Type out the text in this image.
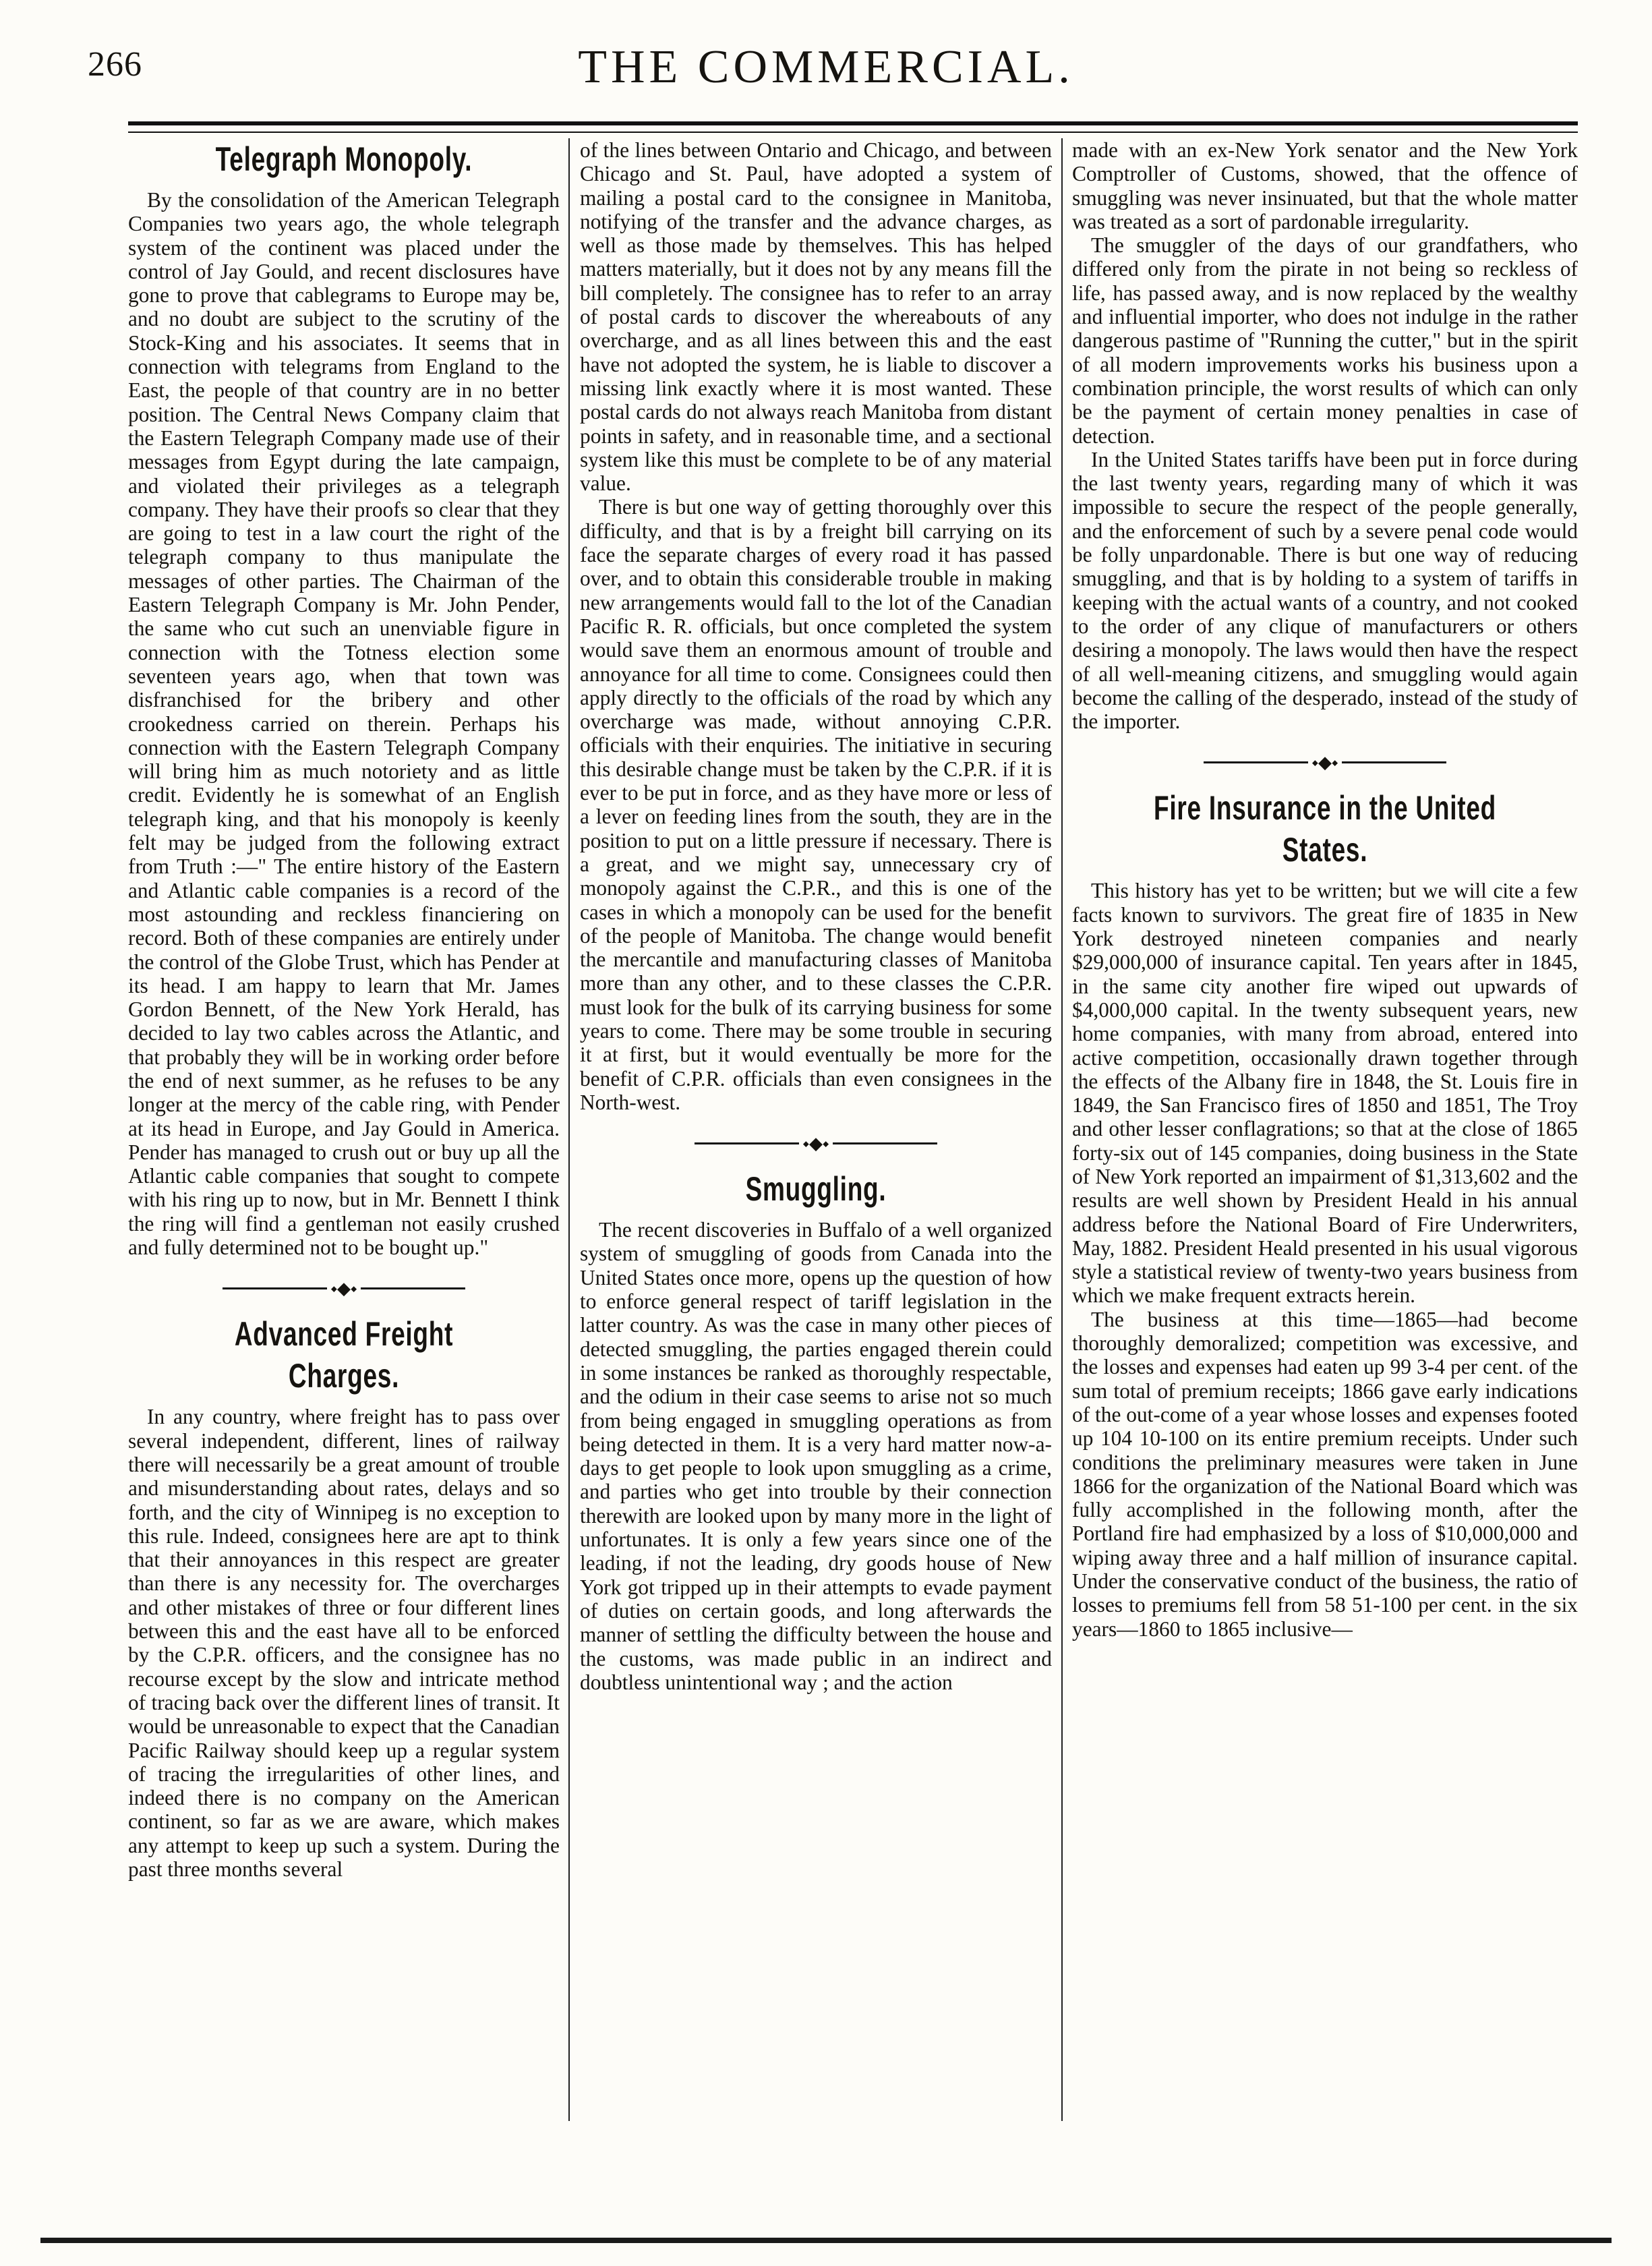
266	THE COMMERCIAL.
Telegraph Monopoly.

By the consolidation of the American Telegraph Companies two years ago, the whole telegraph system of the continent was placed under the control of Jay Gould, and recent disclosures have gone to prove that cablegrams to Europe may be, and no doubt are subject to the scrutiny of the Stock-King and his associates. It seems that in connection with telegrams from England to the East, the people of that country are in no better position. The Central News Company claim that the Eastern Telegraph Company made use of their messages from Egypt during the late campaign, and violated their privileges as a telegraph company. They have their proofs so clear that they are going to test in a law court the right of the telegraph company to thus manipulate the messages of other parties. The Chairman of the Eastern Telegraph Company is Mr. John Pender, the same who cut such an unenviable figure in connection with the Totness election some seventeen years ago, when that town was disfranchised for the bribery and other crookedness carried on therein. Perhaps his connection with the Eastern Telegraph Company will bring him as much notoriety and as little credit. Evidently he is somewhat of an English telegraph king, and that his monopoly is keenly felt may be judged from the following extract from Truth :—" The entire history of the Eastern and Atlantic cable companies is a record of the most astounding and reckless financiering on record. Both of these companies are entirely under the control of the Globe Trust, which has Pender at its head. I am happy to learn that Mr. James Gordon Bennett, of the New York Herald, has decided to lay two cables across the Atlantic, and that probably they will be in working order before the end of next summer, as he refuses to be any longer at the mercy of the cable ring, with Pender at its head in Europe, and Jay Gould in America. Pender has managed to crush out or buy up all the Atlantic cable companies that sought to compete with his ring up to now, but in Mr. Bennett I think the ring will find a gentleman not easily crushed and fully determined not to be bought up."

⬩◆⬩
Advanced Freight Charges.

In any country, where freight has to pass over several independent, different, lines of railway there will necessarily be a great amount of trouble and misunderstanding about rates, delays and so forth, and the city of Winnipeg is no exception to this rule. Indeed, consignees here are apt to think that their annoyances in this respect are greater than there is any necessity for. The overcharges and other mistakes of three or four different lines between this and the east have all to be enforced by the C.P.R. officers, and the consignee has no recourse except by the slow and intricate method of tracing back over the different lines of transit. It would be unreasonable to expect that the Canadian Pacific Railway should keep up a regular system of tracing the irregularities of other lines, and indeed there is no company on the American continent, so far as we are aware, which makes any attempt to keep up such a system. During the past three months several

of the lines between Ontario and Chicago, and between Chicago and St. Paul, have adopted a system of mailing a postal card to the consignee in Manitoba, notifying of the transfer and the advance charges, as well as those made by themselves. This has helped matters materially, but it does not by any means fill the bill completely. The consignee has to refer to an array of postal cards to discover the whereabouts of any overcharge, and as all lines between this and the east have not adopted the system, he is liable to discover a missing link exactly where it is most wanted. These postal cards do not always reach Manitoba from distant points in safety, and in reasonable time, and a sectional system like this must be complete to be of any material value.

There is but one way of getting thoroughly over this difficulty, and that is by a freight bill carrying on its face the separate charges of every road it has passed over, and to obtain this considerable trouble in making new arrangements would fall to the lot of the Canadian Pacific R. R. officials, but once completed the system would save them an enormous amount of trouble and annoyance for all time to come. Consignees could then apply directly to the officials of the road by which any overcharge was made, without annoying C.P.R. officials with their enquiries. The initiative in securing this desirable change must be taken by the C.P.R. if it is ever to be put in force, and as they have more or less of a lever on feeding lines from the south, they are in the position to put on a little pressure if necessary. There is a great, and we might say, unnecessary cry of monopoly against the C.P.R., and this is one of the cases in which a monopoly can be used for the benefit of the people of Manitoba. The change would benefit the mercantile and manufacturing classes of Manitoba more than any other, and to these classes the C.P.R. must look for the bulk of its carrying business for some years to come. There may be some trouble in securing it at first, but it would eventually be more for the benefit of C.P.R. officials than even consignees in the North-west.

⬩◆⬩
Smuggling.

The recent discoveries in Buffalo of a well organized system of smuggling of goods from Canada into the United States once more, opens up the question of how to enforce general respect of tariff legislation in the latter country. As was the case in many other pieces of detected smuggling, the parties engaged therein could in some instances be ranked as thoroughly respectable, and the odium in their case seems to arise not so much from being engaged in smuggling operations as from being detected in them. It is a very hard matter now-a-days to get people to look upon smuggling as a crime, and parties who get into trouble by their connection therewith are looked upon by many more in the light of unfortunates. It is only a few years since one of the leading, if not the leading, dry goods house of New York got tripped up in their attempts to evade payment of duties on certain goods, and long afterwards the manner of settling the difficulty between the house and the customs, was made public in an indirect and doubtless unintentional way ; and the action

made with an ex-New York senator and the New York Comptroller of Customs, showed, that the offence of smuggling was never insinuated, but that the whole matter was treated as a sort of pardonable irregularity.

The smuggler of the days of our grandfathers, who differed only from the pirate in not being so reckless of life, has passed away, and is now replaced by the wealthy and influential importer, who does not indulge in the rather dangerous pastime of "Running the cutter," but in the spirit of all modern improvements works his business upon a combination principle, the worst results of which can only be the payment of certain money penalties in case of detection.

In the United States tariffs have been put in force during the last twenty years, regarding many of which it was impossible to secure the respect of the people generally, and the enforcement of such by a severe penal code would be folly unpardonable. There is but one way of reducing smuggling, and that is by holding to a system of tariffs in keeping with the actual wants of a country, and not cooked to the order of any clique of manufacturers or others desiring a monopoly. The laws would then have the respect of all well-meaning citizens, and smuggling would again become the calling of the desperado, instead of the study of the importer.

⬩◆⬩
Fire Insurance in the United States.

This history has yet to be written; but we will cite a few facts known to survivors. The great fire of 1835 in New York destroyed nineteen companies and nearly $29,000,000 of insurance capital. Ten years after in 1845, in the same city another fire wiped out upwards of $4,000,000 capital. In the twenty subsequent years, new home companies, with many from abroad, entered into active competition, occasionally drawn together through the effects of the Albany fire in 1848, the St. Louis fire in 1849, the San Francisco fires of 1850 and 1851, The Troy and other lesser conflagrations; so that at the close of 1865 forty-six out of 145 companies, doing business in the State of New York reported an impairment of $1,313,602 and the results are well shown by President Heald in his annual address before the National Board of Fire Underwriters, May, 1882. President Heald presented in his usual vigorous style a statistical review of twenty-two years business from which we make frequent extracts herein.

The business at this time—1865—had become thoroughly demoralized; competition was excessive, and the losses and expenses had eaten up 99 3-4 per cent. of the sum total of premium receipts; 1866 gave early indications of the out-come of a year whose losses and expenses footed up 104 10-100 on its entire premium receipts. Under such conditions the preliminary measures were taken in June 1866 for the organization of the National Board which was fully accomplished in the following month, after the Portland fire had emphasized by a loss of $10,000,000 and wiping away three and a half million of insurance capital. Under the conservative conduct of the business, the ratio of losses to premiums fell from 58 51-100 per cent. in the six years—1860 to 1865 inclusive—
